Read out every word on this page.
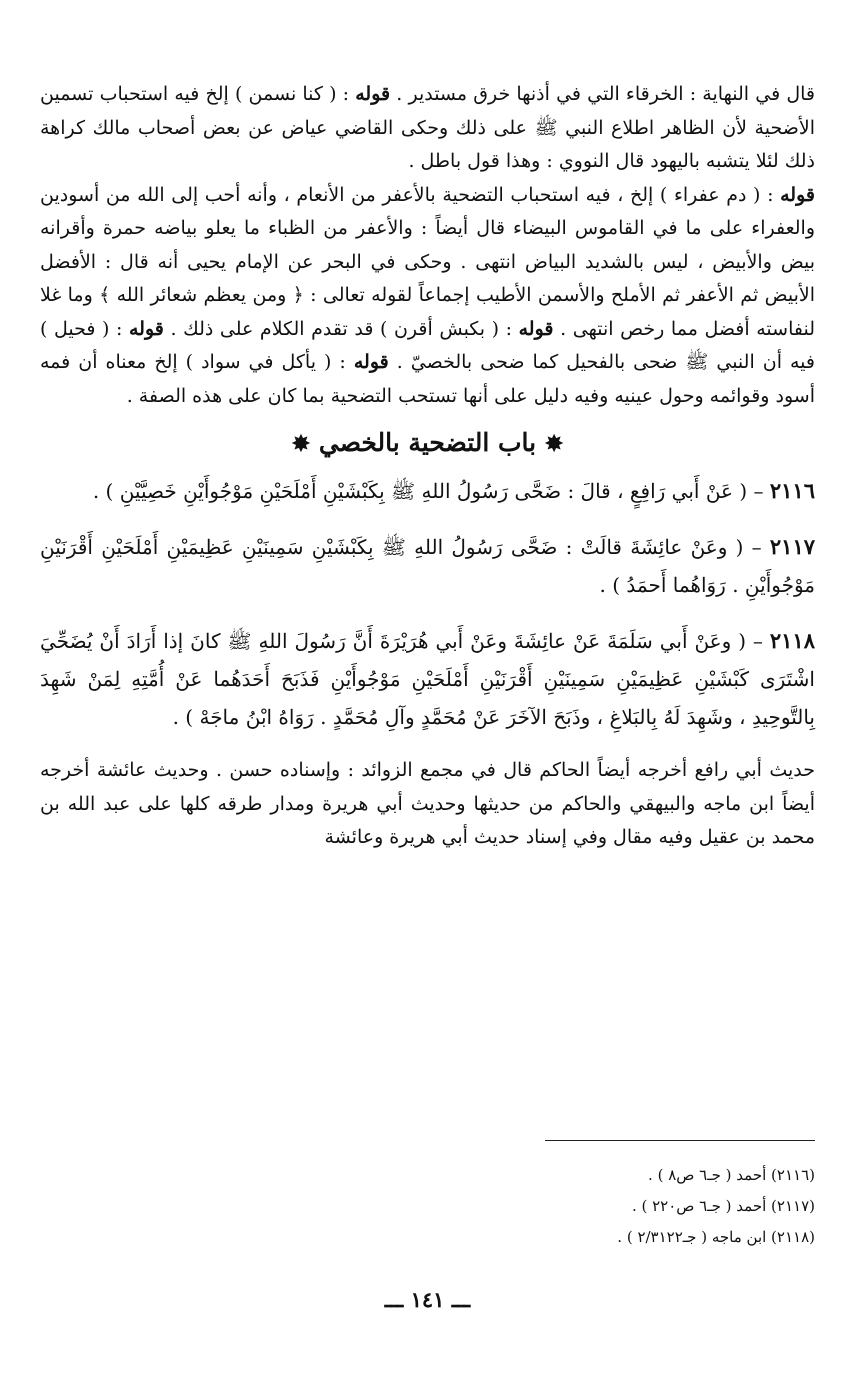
قال في النهاية : الخرقاء التي في أذنها خرق مستدير . قوله : ( كنا نسمن ) إلخ فيه استحباب تسمين الأضحية لأن الظاهر اطلاع النبي ﷺ على ذلك وحكى القاضي عياض عن بعض أصحاب مالك كراهة ذلك لئلا يتشبه باليهود قال النووي : وهذا قول باطل .
قوله : ( دم عفراء ) إلخ ، فيه استحباب التضحية بالأعفر من الأنعام ، وأنه أحب إلى الله من أسودين والعفراء على ما في القاموس البيضاء قال أيضاً : والأعفر من الظباء ما يعلو بياضه حمرة وأقرانه بيض والأبيض ، ليس بالشديد البياض انتهى . وحكى في البحر عن الإمام يحيى أنه قال : الأفضل الأبيض ثم الأعفر ثم الأملح والأسمن الأطيب إجماعاً لقوله تعالى : ﴿ ومن يعظم شعائر الله ﴾ وما غلا لنفاسته أفضل مما رخص انتهى . قوله : ( بكبش أقرن ) قد تقدم الكلام على ذلك . قوله : ( فحيل ) فيه أن النبي ﷺ ضحى بالفحيل كما ضحى بالخصيّ . قوله : ( يأكل في سواد ) إلخ معناه أن فمه أسود وقوائمه وحول عينيه وفيه دليل على أنها تستحب التضحية بما كان على هذه الصفة .

✸ باب التضحية بالخصي ✸

٢١١٦ – ( عَنْ أَبي رَافِعٍ ، قالَ : ضَحَّى رَسُولُ اللهِ ﷺ بِكَبْشَيْنِ أَمْلَحَيْنِ مَوْجُوأَيْنِ خَصِيَّيْنِ ) .

٢١١٧ – ( وعَنْ عائِشَةَ قالَتْ : ضَحَّى رَسُولُ اللهِ ﷺ بِكَبْشَيْنِ سَمِينَيْنِ عَظِيمَيْنِ أَمْلَحَيْنِ أَقْرَنَيْنِ مَوْجُوأَيْنِ . رَوَاهُما أَحمَدُ ) .

٢١١٨ – ( وعَنْ أَبي سَلَمَةَ عَنْ عائِشَةَ وعَنْ أَبي هُرَيْرَةَ أَنَّ رَسُولَ اللهِ ﷺ كانَ إذا أَرَادَ أَنْ يُضَحِّيَ اشْتَرَى كَبْشَيْنِ عَظِيمَيْنِ سَمِينَيْنِ أَقْرَنَيْنِ أَمْلَحَيْنِ مَوْجُوأَيْنِ فَذَبَحَ أَحَدَهُما عَنْ أُمَّتِهِ لِمَنْ شَهِدَ بِالتَّوحِيدِ ، وشَهِدَ لَهُ بِالبَلاغِ ، وذَبَحَ الآخَرَ عَنْ مُحَمَّدٍ وآلِ مُحَمَّدٍ . رَوَاهُ ابْنُ ماجَهْ ) .

حديث أبي رافع أخرجه أيضاً الحاكم قال في مجمع الزوائد : وإسناده حسن . وحديث عائشة أخرجه أيضاً ابن ماجه والبيهقي والحاكم من حديثها وحديث أبي هريرة ومدار طرقه كلها على عبد الله بن محمد بن عقيل وفيه مقال وفي إسناد حديث أبي هريرة وعائشة

(٢١١٦) أحمد ( جـ٦ ص٨ ) .

(٢١١٧) أحمد ( جـ٦ ص٢٢٠ ) .

(٢١١٨) ابن ماجه ( جـ٢/٣١٢٢ ) .

ـــ ١٤١ ـــ
